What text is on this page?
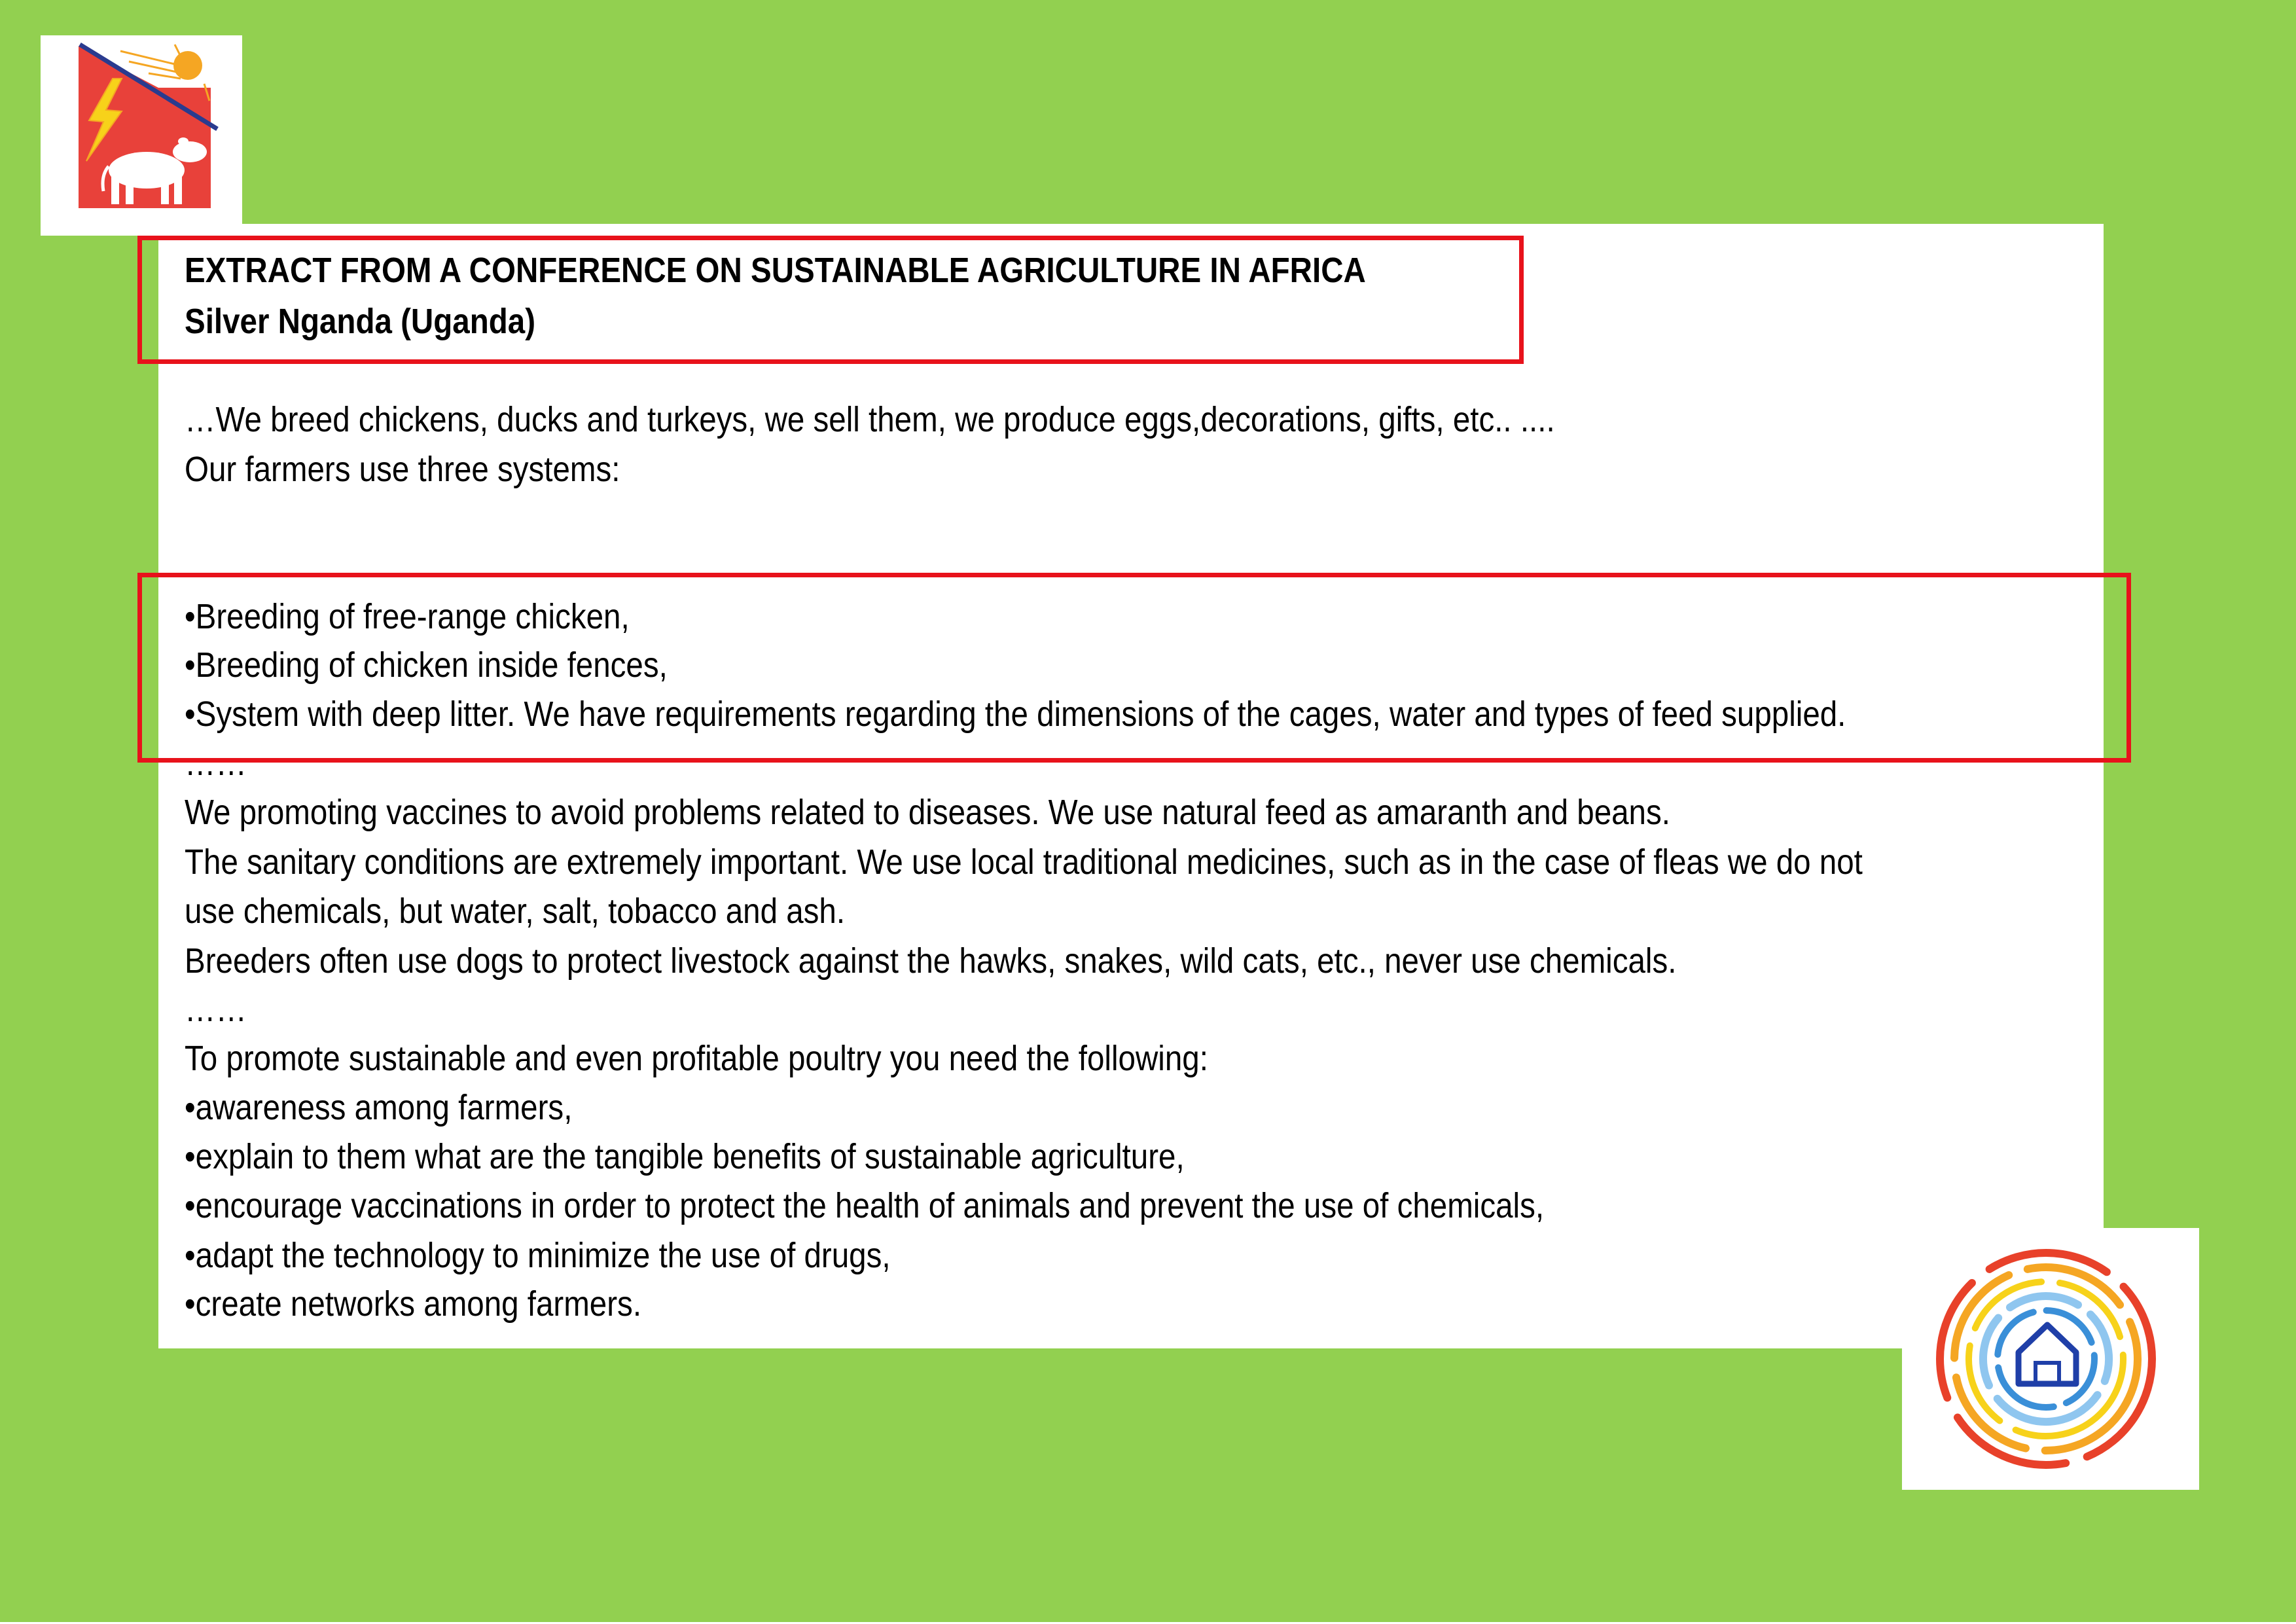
EXTRACT FROM A CONFERENCE ON SUSTAINABLE AGRICULTURE IN AFRICA
Silver Nganda (Uganda)
…We breed chickens, ducks and turkeys, we sell them, we produce eggs,decorations, gifts, etc.. ....
Our farmers use three systems:
•Breeding of free-range chicken,
•Breeding of chicken inside fences,
•System with deep litter. We have requirements regarding the dimensions of the cages, water and types of feed supplied.
……
We promoting vaccines to avoid problems related to diseases. We use natural feed as amaranth and beans.
The sanitary conditions are extremely important. We use local traditional medicines, such as in the case of fleas we do not
use chemicals, but water, salt, tobacco and ash.
Breeders often use dogs to protect livestock against the hawks, snakes, wild cats, etc., never use chemicals.
……
To promote sustainable and even profitable poultry you need the following:
•awareness among farmers,
•explain to them what are the tangible benefits of sustainable agriculture,
•encourage vaccinations in order to protect the health of animals and prevent the use of chemicals,
•adapt the technology to minimize the use of drugs,
•create networks among farmers.
